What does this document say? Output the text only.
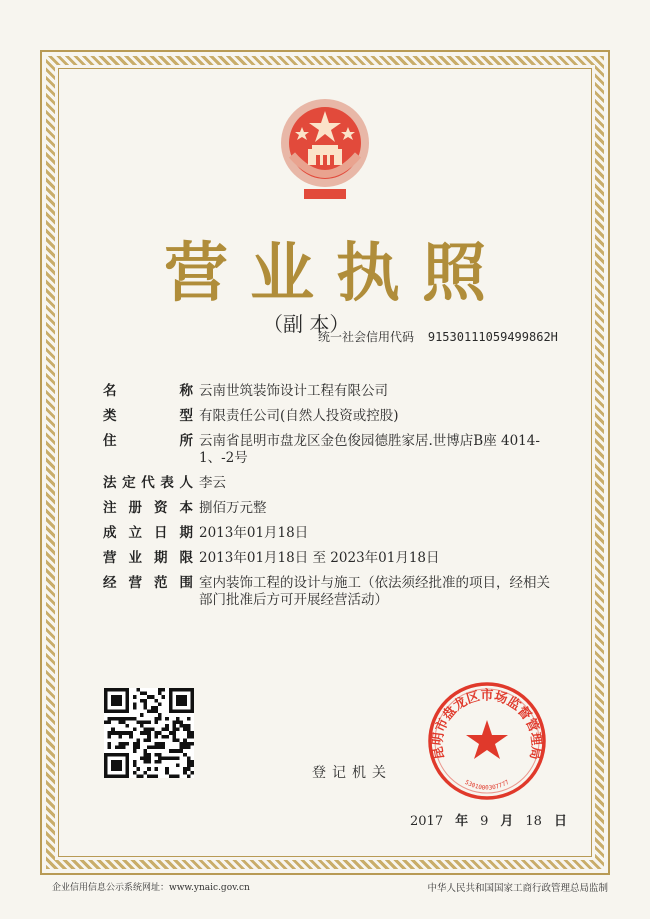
营业执照
（副 本）
统一社会信用代码 91530111059499862H
名	称 云南世筑装饰设计工程有限公司
类	型 有限责任公司(自然人投资或控股)
住	所 云南省昆明市盘龙区金色俊园德胜家居.世博店B座 4014-1、-2号
法 定 代 表 人 李云
注 册 资 本 捌佰万元整
成 立 日 期 2013年01月18日
营 业 期 限 2013年01月18日 至 2023年01月18日
经 营 范 围 室内装饰工程的设计与施工（依法须经批准的项目，经相关部门批准后方可开展经营活动）
登记机关
昆明市盘龙区市场监督管理局
5301000307777
2017 年 9 月 18 日
企业信用信息公示系统网址：www.ynaic.gov.cn	中华人民共和国国家工商行政管理总局监制
